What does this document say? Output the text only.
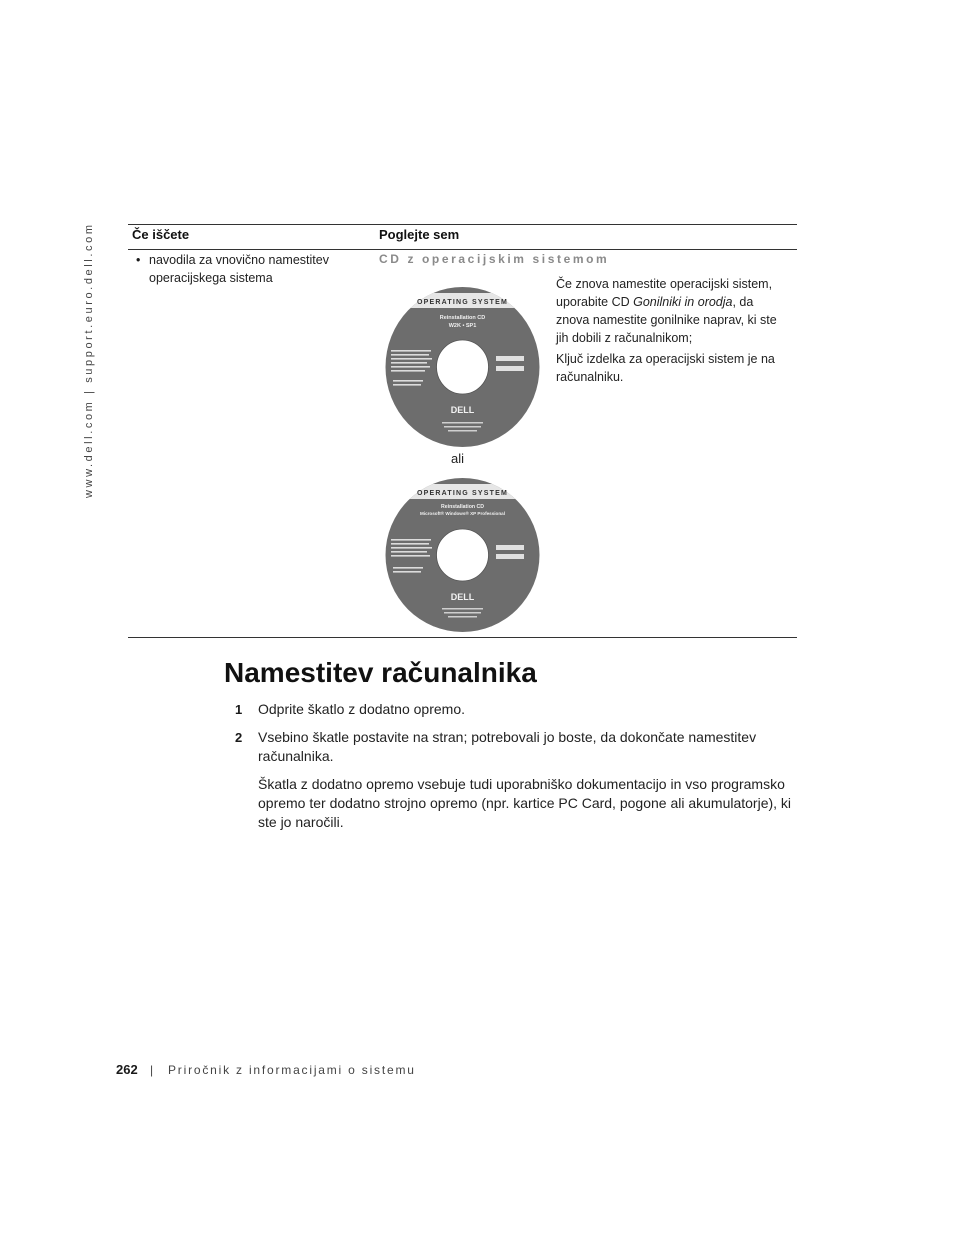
www.dell.com | support.euro.dell.com	Če iščete	Poglejte sem
• navodila za vnovično namestitev operacijskega sistema
CD z operacijskim sistemom

Če znova namestite operacijski sistem, uporabite CD Gonilniki in orodja, da znova namestite gonilnike naprav, ki ste jih dobili z računalnikom;

Ključ izdelka za operacijski sistem je na računalniku.

OPERATING SYSTEM
Reinstallation CD
W2K • SP1
DELL
ali
OPERATING SYSTEM
Reinstallation CD
Microsoft® Windows® XP Professional
DELL
Namestitev računalnika
1 Odprite škatlo z dodatno opremo.

2 Vsebino škatle postavite na stran; potrebovali jo boste, da dokončate namestitev računalnika.

Škatla z dodatno opremo vsebuje tudi uporabniško dokumentacijo in vso programsko opremo ter dodatno strojno opremo (npr. kartice PC Card, pogone ali akumulatorje), ki ste jo naročili.

262 | Priročnik z informacijami o sistemu
